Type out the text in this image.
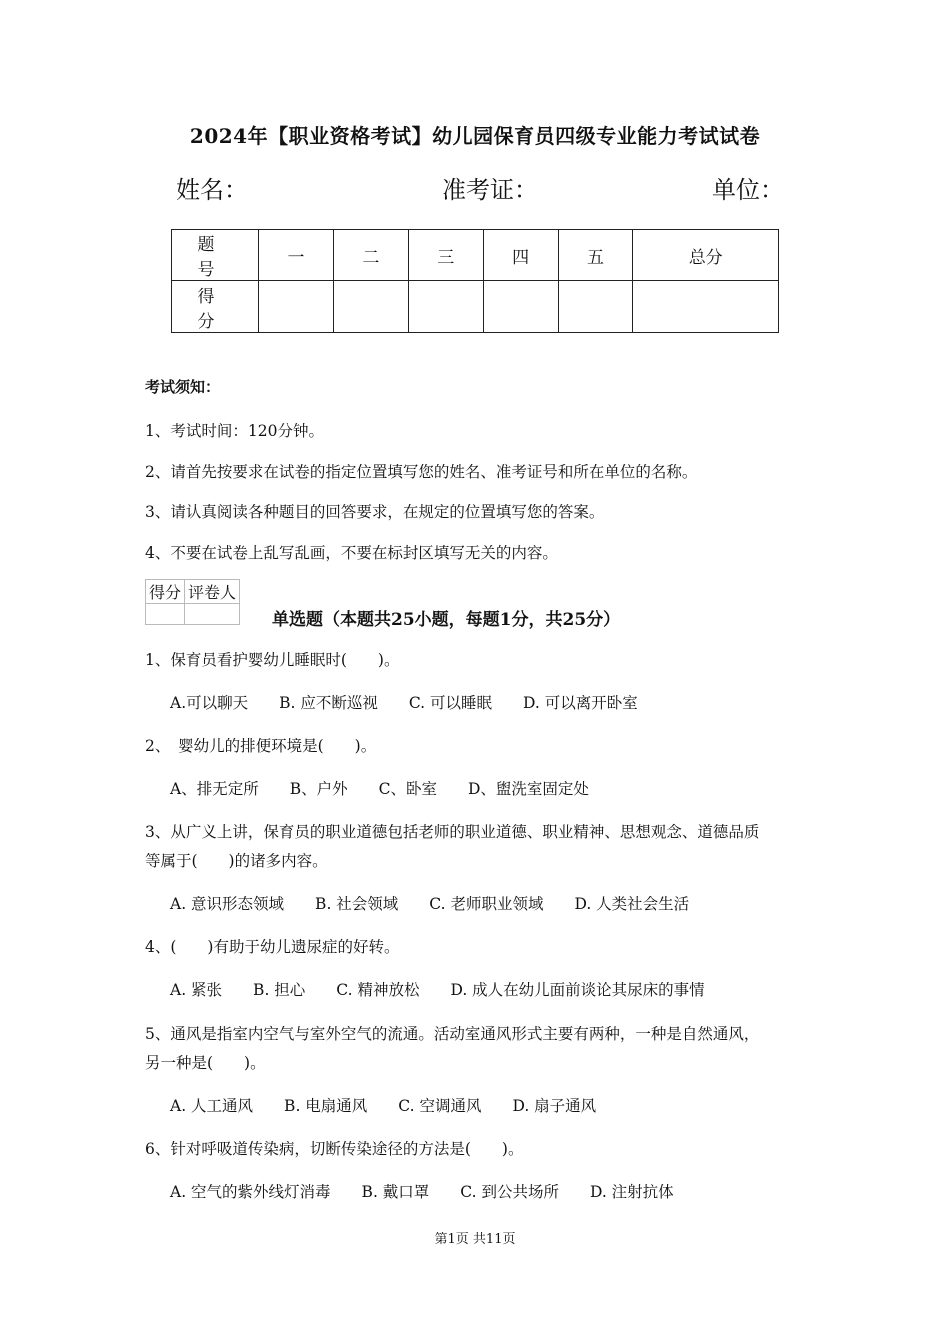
2024年【职业资格考试】幼儿园保育员四级专业能力考试试卷
姓名：	准考证：	单位：
题　号	一	二	三	四	五	总分
得　分						
考试须知：
1、考试时间：120分钟。
2、请首先按要求在试卷的指定位置填写您的姓名、准考证号和所在单位的名称。
3、请认真阅读各种题目的回答要求，在规定的位置填写您的答案。
4、不要在试卷上乱写乱画，不要在标封区填写无关的内容。
得分	评卷人

单选题（本题共25小题，每题1分，共25分）
1、保育员看护婴幼儿睡眠时(　　)。
A.可以聊天　　B. 应不断巡视　　C. 可以睡眠　　D. 可以离开卧室
2、　婴幼儿的排便环境是(　　)。
A、排无定所　　B、户外　　C、卧室　　D、盥洗室固定处
3、从广义上讲，保育员的职业道德包括老师的职业道德、职业精神、思想观念、道德品质
等属于(　　)的诸多内容。
A. 意识形态领域　　B. 社会领域　　C. 老师职业领域　　D. 人类社会生活
4、(　　)有助于幼儿遗尿症的好转。
A. 紧张　　B. 担心　　C. 精神放松　　D. 成人在幼儿面前谈论其尿床的事情
5、通风是指室内空气与室外空气的流通。活动室通风形式主要有两种，一种是自然通风，
另一种是(　　)。
A. 人工通风　　B. 电扇通风　　C. 空调通风　　D. 扇子通风
6、针对呼吸道传染病，切断传染途径的方法是(　　)。
A. 空气的紫外线灯消毒　　B. 戴口罩　　C. 到公共场所　　D. 注射抗体
第1页 共11页
